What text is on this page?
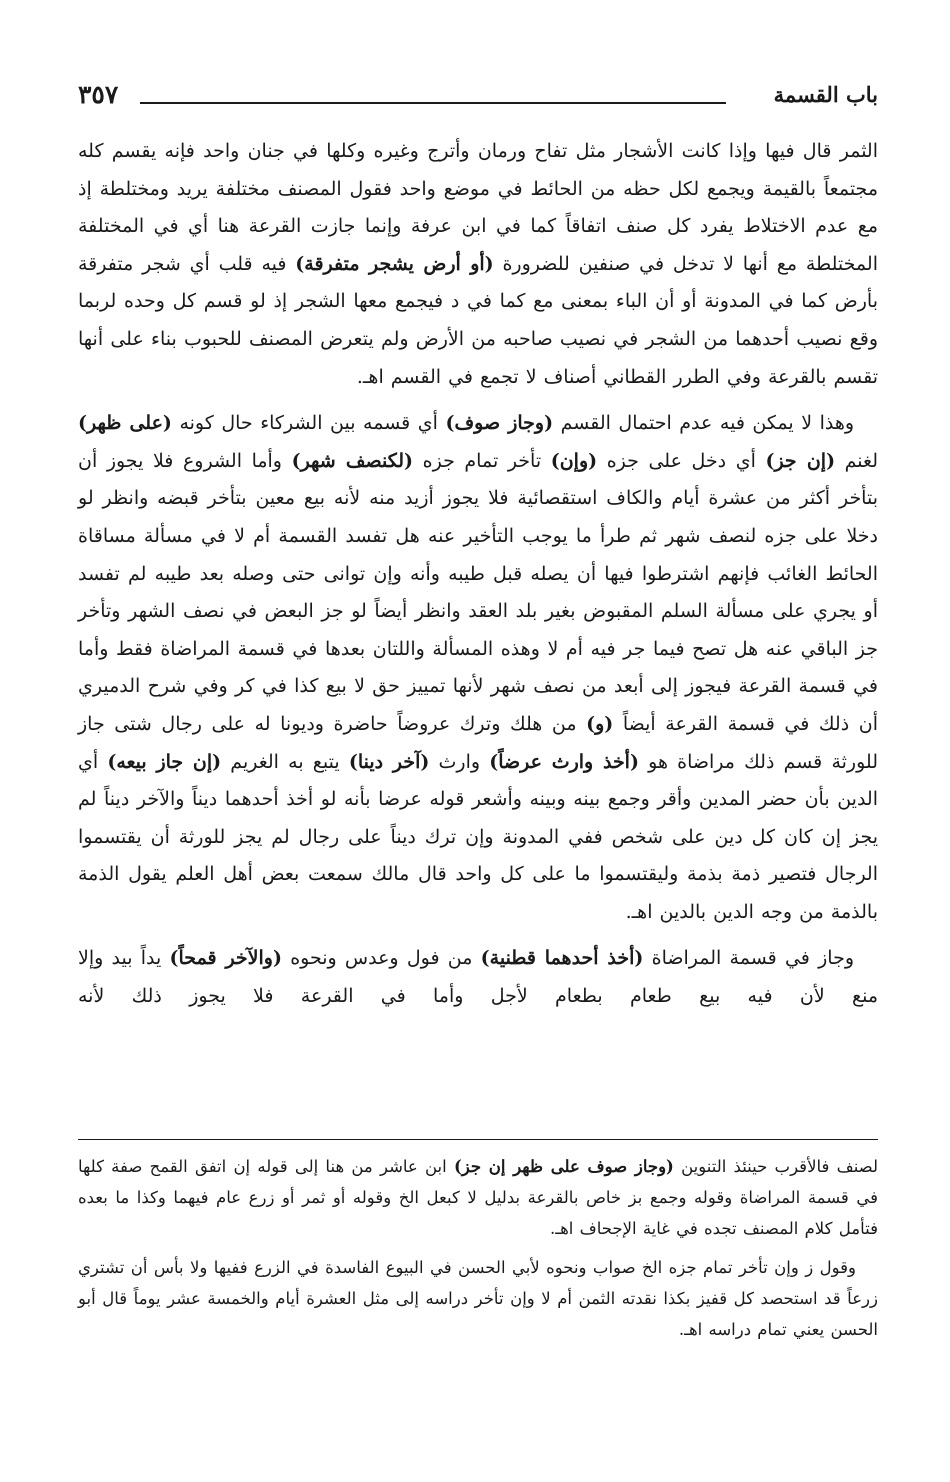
باب القسمة
٣٥٧

الثمر قال فيها وإذا كانت الأشجار مثل تفاح ورمان وأترج وغيره وكلها في جنان واحد فإنه يقسم كله مجتمعاً بالقيمة ويجمع لكل حظه من الحائط في موضع واحد فقول المصنف مختلفة يريد ومختلطة إذ مع عدم الاختلاط يفرد كل صنف اتفاقاً كما في ابن عرفة وإنما جازت القرعة هنا أي في المختلفة المختلطة مع أنها لا تدخل في صنفين للضرورة (أو أرض يشجر متفرقة) فيه قلب أي شجر متفرقة بأرض كما في المدونة أو أن الباء بمعنى مع كما في د فيجمع معها الشجر إذ لو قسم كل وحده لربما وقع نصيب أحدهما من الشجر في نصيب صاحبه من الأرض ولم يتعرض المصنف للحبوب بناء على أنها تقسم بالقرعة وفي الطرر القطاني أصناف لا تجمع في القسم اهـ.

وهذا لا يمكن فيه عدم احتمال القسم (وجاز صوف) أي قسمه بين الشركاء حال كونه (على ظهر) لغنم (إن جز) أي دخل على جزه (وإن) تأخر تمام جزه (لكنصف شهر) وأما الشروع فلا يجوز أن بتأخر أكثر من عشرة أيام والكاف استقصائية فلا يجوز أزيد منه لأنه بيع معين بتأخر قبضه وانظر لو دخلا على جزه لنصف شهر ثم طرأ ما يوجب التأخير عنه هل تفسد القسمة أم لا في مسألة مساقاة الحائط الغائب فإنهم اشترطوا فيها أن يصله قبل طيبه وأنه وإن توانى حتى وصله بعد طيبه لم تفسد أو يجري على مسألة السلم المقبوض بغير بلد العقد وانظر أيضاً لو جز البعض في نصف الشهر وتأخر جز الباقي عنه هل تصح فيما جر فيه أم لا وهذه المسألة واللتان بعدها في قسمة المراضاة فقط وأما في قسمة القرعة فيجوز إلى أبعد من نصف شهر لأنها تمييز حق لا بيع كذا في كر وفي شرح الدميري أن ذلك في قسمة القرعة أيضاً (و) من هلك وترك عروضاً حاضرة وديونا له على رجال شتى جاز للورثة قسم ذلك مراضاة هو (أخذ وارث عرضاً) وارث (آخر دينا) يتبع به الغريم (إن جاز بيعه) أي الدين بأن حضر المدين وأقر وجمع بينه وبينه وأشعر قوله عرضا بأنه لو أخذ أحدهما ديناً والآخر ديناً لم يجز إن كان كل دين على شخص ففي المدونة وإن ترك ديناً على رجال لم يجز للورثة أن يقتسموا الرجال فتصير ذمة بذمة وليقتسموا ما على كل واحد قال مالك سمعت بعض أهل العلم يقول الذمة بالذمة من وجه الدين بالدين اهـ.

وجاز في قسمة المراضاة (أخذ أحدهما قطنية) من فول وعدس ونحوه (والآخر قمحاً) يداً بيد وإلا منع لأن فيه بيع طعام بطعام لأجل وأما في القرعة فلا يجوز ذلك لأنه

لصنف فالأقرب حينئذ التنوين (وجاز صوف على ظهر إن جز) ابن عاشر من هنا إلى قوله إن اتفق القمح صفة كلها في قسمة المراضاة وقوله وجمع بز خاص بالقرعة بدليل لا كبعل الخ وقوله أو ثمر أو زرع عام فيهما وكذا ما بعده فتأمل كلام المصنف تجده في غاية الإجحاف اهـ.

وقول ز وإن تأخر تمام جزه الخ صواب ونحوه لأبي الحسن في البيوع الفاسدة في الزرع ففيها ولا بأس أن تشتري زرعاً قد استحصد كل قفيز بكذا نقدته الثمن أم لا وإن تأخر دراسه إلى مثل العشرة أيام والخمسة عشر يوماً قال أبو الحسن يعني تمام دراسه اهـ.
